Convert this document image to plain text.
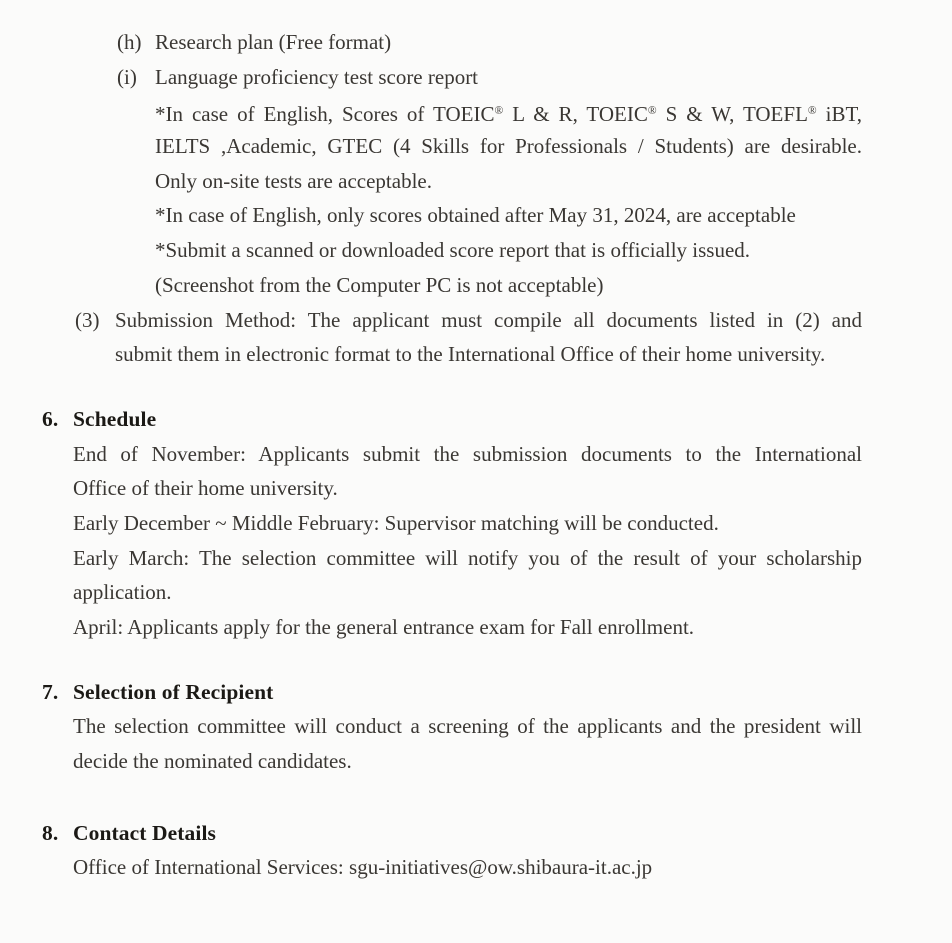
(h) Research plan (Free format)
(i) Language proficiency test score report
*In case of English, Scores of TOEIC® L & R, TOEIC® S & W, TOEFL® iBT,
IELTS ,Academic, GTEC (4 Skills for Professionals / Students) are desirable.
Only on-site tests are acceptable.
*In case of English, only scores obtained after May 31, 2024, are acceptable
*Submit a scanned or downloaded score report that is officially issued.
(Screenshot from the Computer PC is not acceptable)
(3) Submission Method: The applicant must compile all documents listed in (2) and
submit them in electronic format to the International Office of their home university.
6. Schedule
End of November: Applicants submit the submission documents to the International
Office of their home university.
Early December ~ Middle February: Supervisor matching will be conducted.
Early March: The selection committee will notify you of the result of your scholarship
application.
April: Applicants apply for the general entrance exam for Fall enrollment.
7. Selection of Recipient
The selection committee will conduct a screening of the applicants and the president will
decide the nominated candidates.
8. Contact Details
Office of International Services: sgu-initiatives@ow.shibaura-it.ac.jp
